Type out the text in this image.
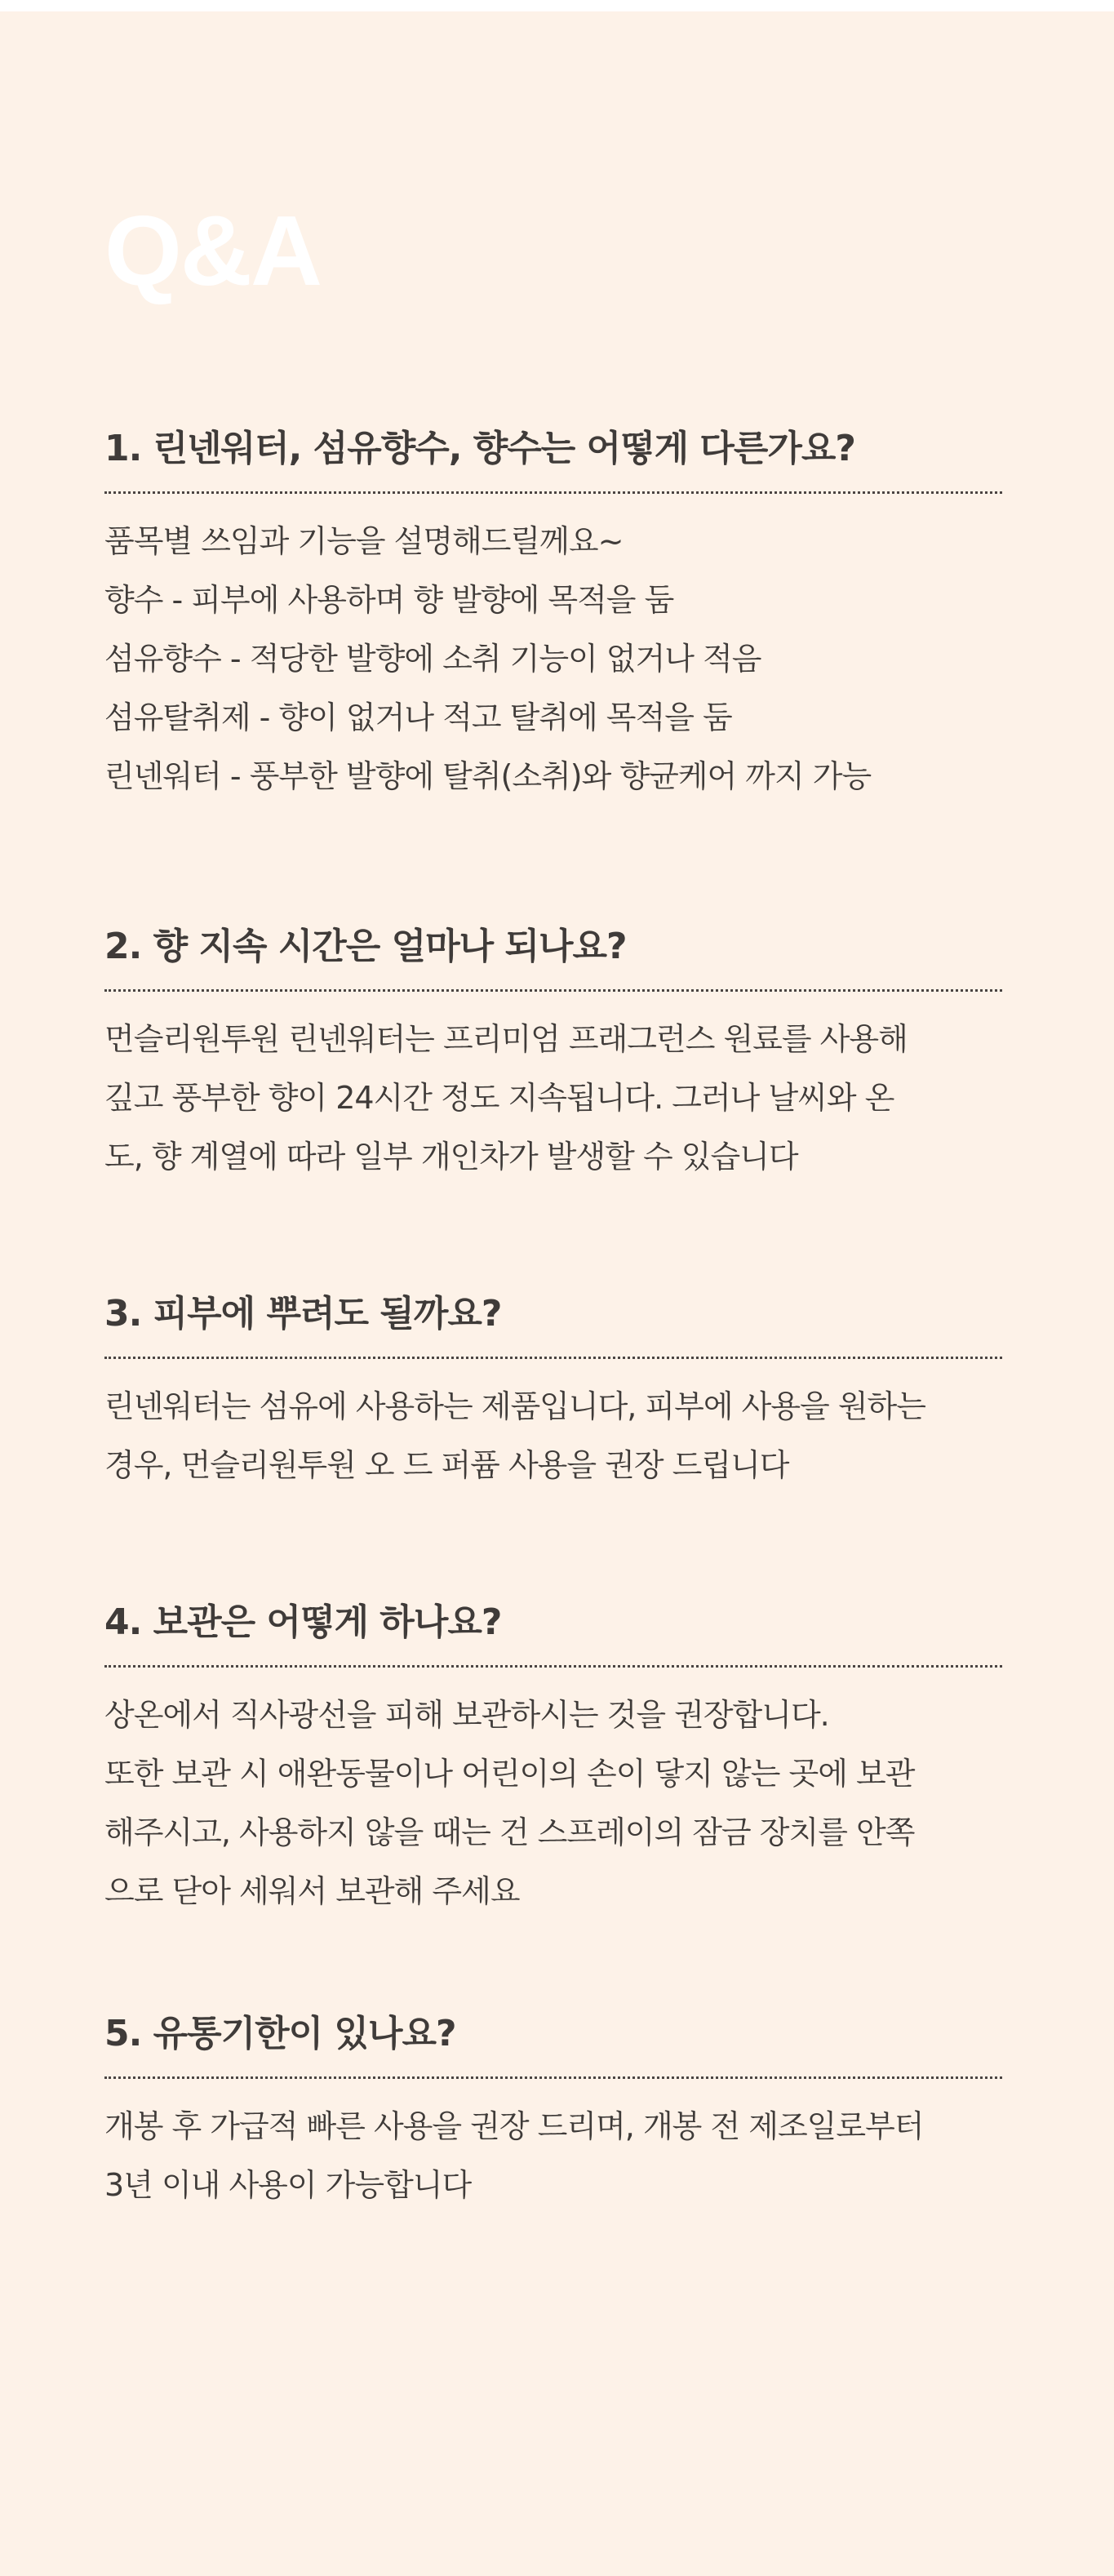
Q&A
1. 린넨워터, 섬유향수, 향수는 어떻게 다른가요?
품목별 쓰임과 기능을 설명해드릴께요~
향수 - 피부에 사용하며 향 발향에 목적을 둠
섬유향수 - 적당한 발향에 소취 기능이 없거나 적음
섬유탈취제 - 향이 없거나 적고 탈취에 목적을 둠
린넨워터 - 풍부한 발향에 탈취(소취)와 향균케어 까지 가능
2. 향 지속 시간은 얼마나 되나요?
먼슬리원투원 린넨워터는 프리미엄 프래그런스 원료를 사용해
깊고 풍부한 향이 24시간 정도 지속됩니다. 그러나 날씨와 온
도, 향 계열에 따라 일부 개인차가 발생할 수 있습니다
3. 피부에 뿌려도 될까요?
린넨워터는 섬유에 사용하는 제품입니다, 피부에 사용을 원하는
경우, 먼슬리원투원 오 드 퍼퓸 사용을 권장 드립니다
4. 보관은 어떻게 하나요?
상온에서 직사광선을 피해 보관하시는 것을 권장합니다.
또한 보관 시 애완동물이나 어린이의 손이 닿지 않는 곳에 보관
해주시고, 사용하지 않을 때는 건 스프레이의 잠금 장치를 안쪽
으로 닫아 세워서 보관해 주세요
5. 유통기한이 있나요?
개봉 후 가급적 빠른 사용을 권장 드리며, 개봉 전 제조일로부터
3년 이내 사용이 가능합니다
